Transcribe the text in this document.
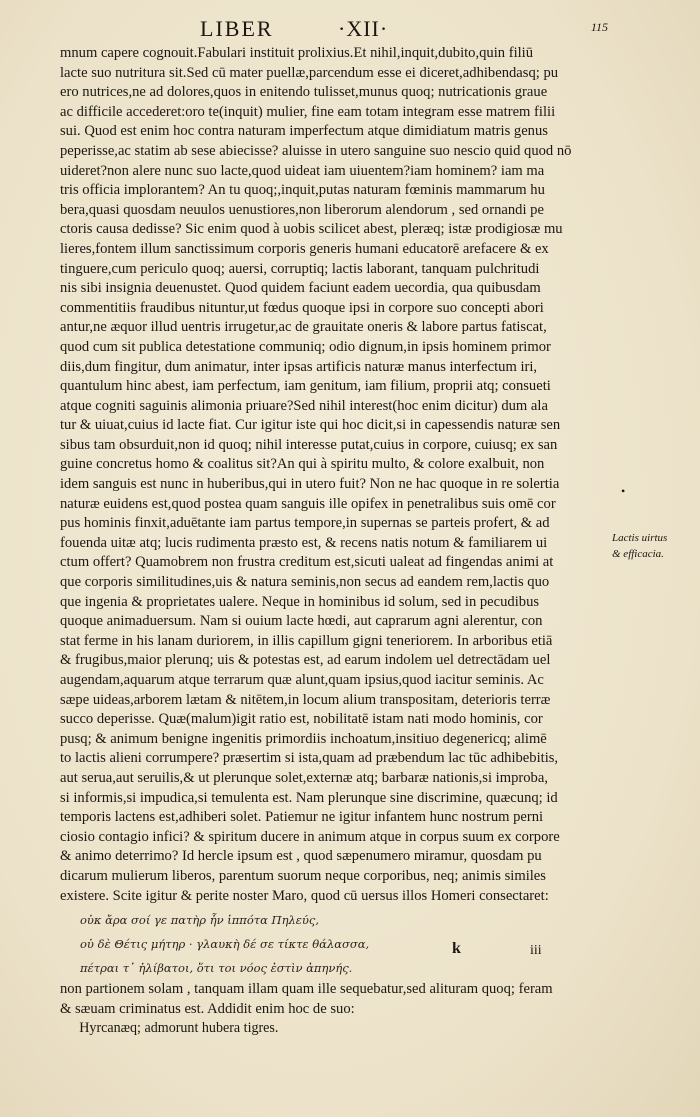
LIBER	·XII·	115
mnum capere cognouit.Fabulari instituit prolixius.Et nihil,inquit,dubito,quin filiū
lacte suo nutritura sit.Sed cū mater puellæ,parcendum esse ei diceret,adhibendasq; pu
ero nutrices,ne ad dolores,quos in enitendo tulisset,munus quoq; nutricationis graue
ac difficile accederet:oro te(inquit) mulier, fine eam totam integram esse matrem filii
sui. Quod est enim hoc contra naturam imperfectum atque dimidiatum matris genus
peperisse,ac statim ab sese abiecisse? aluisse in utero sanguine suo nescio quid quod nō
uideret?non alere nunc suo lacte,quod uideat iam uiuentem?iam hominem? iam ma
tris officia implorantem? An tu quoq;,inquit,putas naturam fœminis mammarum hu
bera,quasi quosdam neuulos uenustiores,non liberorum alendorum , sed ornandi pe
ctoris causa dedisse? Sic enim quod à uobis scilicet abest, pleræq; istæ prodigiosæ mu
lieres,fontem illum sanctissimum corporis generis humani educatorē arefacere & ex
tinguere,cum periculo quoq; auersi, corruptiq; lactis laborant, tanquam pulchritudi
nis sibi insignia deuenustet. Quod quidem faciunt eadem uecordia, qua quibusdam
commentitiis fraudibus nituntur,ut fœdus quoque ipsi in corpore suo concepti abori
antur,ne æquor illud uentris irrugetur,ac de grauitate oneris & labore partus fatiscat,
quod cum sit publica detestatione communiq; odio dignum,in ipsis hominem primor
diis,dum fingitur, dum animatur, inter ipsas artificis naturæ manus interfectum iri,
quantulum hinc abest, iam perfectum, iam genitum, iam filium, proprii atq; consueti
atque cogniti saguinis alimonia priuare?Sed nihil interest(hoc enim dicitur) dum ala
tur & uiuat,cuius id lacte fiat. Cur igitur iste qui hoc dicit,si in capessendis naturæ sen
sibus tam obsurduit,non id quoq; nihil interesse putat,cuius in corpore, cuiusq; ex san
guine concretus homo & coalitus sit?An qui à spiritu multo, & colore exalbuit, non
idem sanguis est nunc in huberibus,qui in utero fuit? Non ne hac quoque in re solertia
naturæ euidens est,quod postea quam sanguis ille opifex in penetralibus suis omē cor
pus hominis finxit,aduētante iam partus tempore,in supernas se parteis profert, & ad
fouenda uitæ atq; lucis rudimenta præsto est, & recens natis notum & familiarem ui
ctum offert? Quamobrem non frustra creditum est,sicuti ualeat ad fingendas animi at
que corporis similitudines,uis & natura seminis,non secus ad eandem rem,lactis quo
que ingenia & proprietates ualere. Neque in hominibus id solum, sed in pecudibus
quoque animaduersum. Nam si ouium lacte hœdi, aut caprarum agni alerentur, con
stat ferme in his lanam duriorem, in illis capillum gigni teneriorem. In arboribus etiā
& frugibus,maior plerunq; uis & potestas est, ad earum indolem uel detrectādam uel
augendam,aquarum atque terrarum quæ alunt,quam ipsius,quod iacitur seminis. Ac
sæpe uideas,arborem lætam & nitētem,in locum alium transpositam, deterioris terræ
succo deperisse. Quæ(malum)igit ratio est, nobilitatē istam nati modo hominis, cor
pusq; & animum benigne ingenitis primordiis inchoatum,insitiuo degenericq; alimē
to lactis alieni corrumpere? præsertim si ista,quam ad præbendum lac tūc adhibebitis,
aut serua,aut seruilis,& ut plerunque solet,externæ atq; barbaræ nationis,si improba,
si informis,si impudica,si temulenta est. Nam plerunque sine discrimine, quæcunq; id
temporis lactens est,adhiberi solet. Patiemur ne igitur infantem hunc nostrum perni
ciosio contagio infici? & spiritum ducere in animum atque in corpus suum ex corpore
& animo deterrimo? Id hercle ipsum est , quod sæpenumero miramur, quosdam pu
dicarum mulierum liberos, parentum suorum neque corporibus, neq; animis similes
existere. Scite igitur & perite noster Maro, quod cū uersus illos Homeri consectaret:
οὐκ ἄρα σοί γε πατὴρ ἦν ἱππότα Πηλεύς,
οὐ δὲ Θέτις μήτηρ · γλαυκὴ δέ σε τίκτε θάλασσα,
πέτραι τ᾽ ἠλίβατοι, ὅτι τοι νόος ἐστὶν ἀπηνής.
non partionem solam , tanquam illam quam ille sequebatur,sed alituram quoq; feram
& sæuam criminatus est. Addidit enim hoc de suo:
Hyrcanæq; admorunt hubera tigres.
•
Lactis uirtus
& efficacia.
k	iii
